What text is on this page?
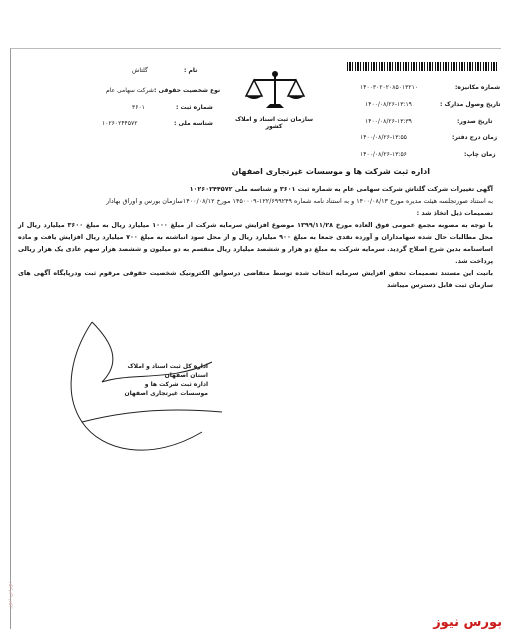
گلتاش	نام :
شرکت سهامی عام نوع شخصیت حقوقی :
۳۶۰۱	شماره ثبت :
۱۰۲۶۰۲۴۴۵۷۲	شناسه ملی :
سازمان ثبت اسناد و املاک کشور
شماره مکانیزه:
۱۴۰۰۳۰۲۰۲۰۸۵۰۱۳۲۱۰
تاریخ وصول مدارک :
۱۴۰۰/۰۸/۲۶-۱۳:۱۹
تاریخ صدور:
۱۴۰۰/۰۸/۲۶-۱۳:۳۹
زمان درج دفتر:
۱۴۰۰/۰۸/۲۶-۱۳:۵۵
زمان چاپ:
۱۴۰۰/۰۸/۲۶-۱۳:۵۶
اداره ثبت شرکت ها و موسسات غیرتجاری اصفهان

آگهی تغییرات شرکت گلتاش شرکت سهامی عام به شماره ثبت ۳۶۰۱ و شناسه ملی ۱۰۲۶۰۲۴۴۵۷۲

به استناد صورتجلسه هیئت مدیره مورخ ۱۴۰۰/۰۸/۱۳ و به استناد نامه شماره ۱۲۲/۶۹۹۲۴۹-۱۴۵۰۰۰۹ مورخ ۱۴۰۰/۰۸/۱۲سازمان بورس و اوراق بهادار

تصمیمات ذیل اتخاذ شد :

با توجه به مصوبه مجمع عمومی فوق العاده مورخ ۱۳۹۹/۱۱/۲۸ موضوع افزایش سرمایه شرکت از مبلغ ۱۰۰۰ میلیارد ریال به مبلغ ۳۶۰۰ میلیارد ریال از محل مطالبات حال شده سهامداران و آورده نقدی جمعا به مبلغ ۹۰۰ میلیارد ریال و از محل سود انباشته به مبلغ ۷۰۰ میلیارد ریال افزایش یافت و ماده اساسنامه بدین شرح اصلاح گردید. سرمایه شرکت به مبلغ دو هزار و ششصد میلیارد ریال منقسم به دو میلیون و ششصد هزار سهم عادی یک هزار ریالی پرداخت شد.

بانیت این مستند تصمیمات تحقق افزایش سرمایه انتخاب شده توسط متقاضی درسوابق الکترونیک شخصیت حقوقی مرقوم ثبت ودرپایگاه آگهی های سازمان ثبت قابل دسترس میباشد

اداره کل ثبت اسناد و املاک استان اصفهان
اداره ثبت شرکت ها و موسسات غیرتجاری اصفهان
بورس نیوز
بورس نیوز
